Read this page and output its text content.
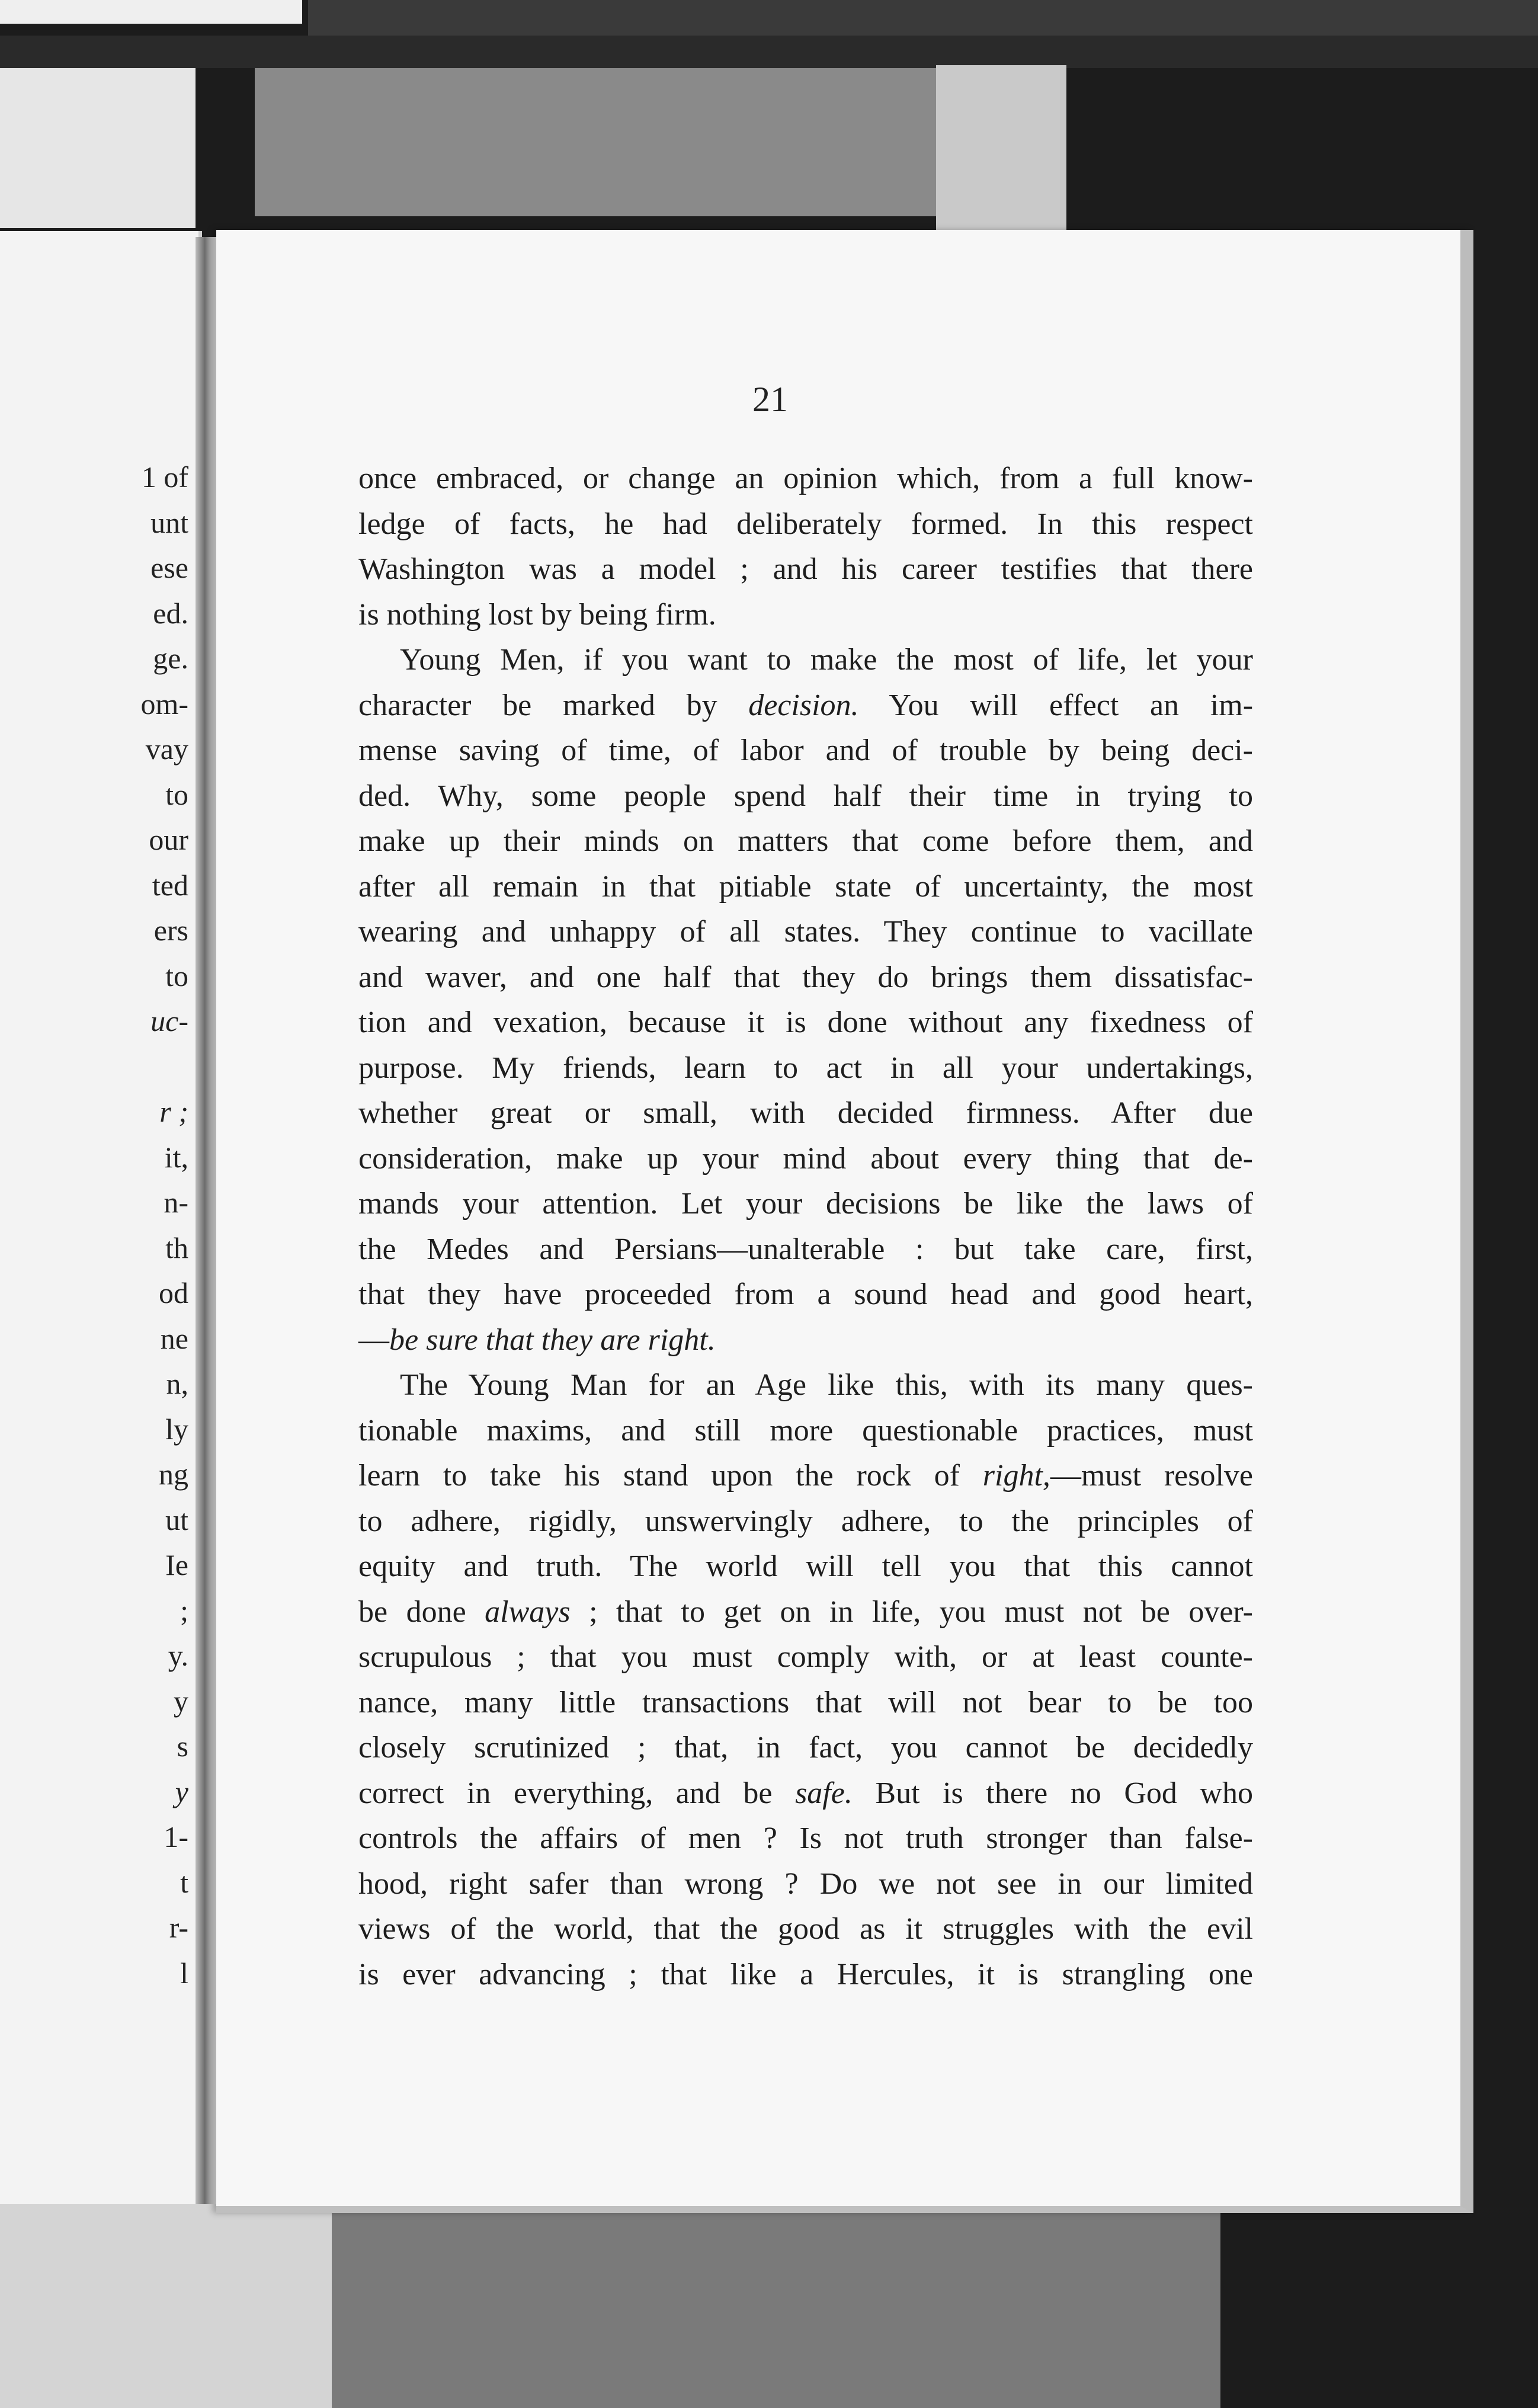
1 of
unt
ese
ed.
ge.
om-
vay
to
our
ted
ers
to
uc-
r ;
it,
n-
th
od
ne
n,
ly
ng
ut
Ie
;
y.
y
s
y
1-
t
r-
l
21
once embraced, or change an opinion which, from a full know-
ledge of facts, he had deliberately formed. In this respect
Washington was a model ; and his career testifies that there
is nothing lost by being firm.
Young Men, if you want to make the most of life, let your
character be marked by decision. You will effect an im-
mense saving of time, of labor and of trouble by being deci-
ded. Why, some people spend half their time in trying to
make up their minds on matters that come before them, and
after all remain in that pitiable state of uncertainty, the most
wearing and unhappy of all states. They continue to vacillate
and waver, and one half that they do brings them dissatisfac-
tion and vexation, because it is done without any fixedness of
purpose. My friends, learn to act in all your undertakings,
whether great or small, with decided firmness. After due
consideration, make up your mind about every thing that de-
mands your attention. Let your decisions be like the laws of
the Medes and Persians—unalterable : but take care, first,
that they have proceeded from a sound head and good heart,
—be sure that they are right.
The Young Man for an Age like this, with its many ques-
tionable maxims, and still more questionable practices, must
learn to take his stand upon the rock of right,—must resolve
to adhere, rigidly, unswervingly adhere, to the principles of
equity and truth. The world will tell you that this cannot
be done always ; that to get on in life, you must not be over-
scrupulous ; that you must comply with, or at least counte-
nance, many little transactions that will not bear to be too
closely scrutinized ; that, in fact, you cannot be decidedly
correct in everything, and be safe. But is there no God who
controls the affairs of men ? Is not truth stronger than false-
hood, right safer than wrong ? Do we not see in our limited
views of the world, that the good as it struggles with the evil
is ever advancing ; that like a Hercules, it is strangling one
